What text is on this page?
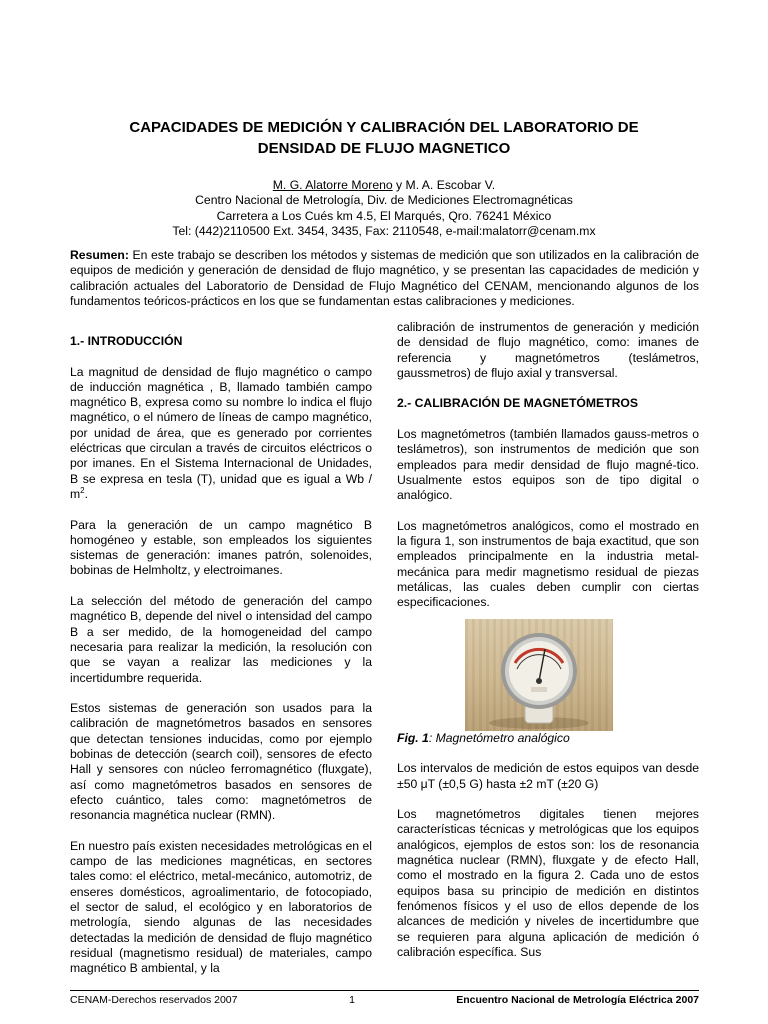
CAPACIDADES DE MEDICIÓN Y CALIBRACIÓN DEL LABORATORIO DE
DENSIDAD DE FLUJO MAGNETICO
M. G. Alatorre Moreno y M. A. Escobar V.
Centro Nacional de Metrología, Div. de Mediciones Electromagnéticas
Carretera a Los Cués km 4.5, El Marqués, Qro. 76241 México
Tel: (442)2110500 Ext. 3454, 3435, Fax: 2110548, e-mail:malatorr@cenam.mx
Resumen: En este trabajo se describen los métodos y sistemas de medición que son utilizados en la calibración de equipos de medición y generación de densidad de flujo magnético, y se presentan las capacidades de medición y calibración actuales del Laboratorio de Densidad de Flujo Magnético del CENAM, mencionando algunos de los fundamentos teóricos-prácticos en los que se fundamentan estas calibraciones y mediciones.
1.- INTRODUCCIÓN

La magnitud de densidad de flujo magnético o campo de inducción magnética , B, llamado también campo magnético B, expresa como su nombre lo indica el flujo magnético, o el número de líneas de campo magnético, por unidad de área, que es generado por corrientes eléctricas que circulan a través de circuitos eléctricos o por imanes. En el Sistema Internacional de Unidades, B se expresa en tesla (T), unidad que es igual a Wb / $m^2$.

Para la generación de un campo magnético B homogéneo y estable, son empleados los siguientes sistemas de generación: imanes patrón, solenoides, bobinas de Helmholtz, y electroimanes.

La selección del método de generación del campo magnético B, depende del nivel o intensidad del campo B a ser medido, de la homogeneidad del campo necesaria para realizar la medición, la resolución con que se vayan a realizar las mediciones y la incertidumbre requerida.

Estos sistemas de generación son usados para la calibración de magnetómetros basados en sensores que detectan tensiones inducidas, como por ejemplo bobinas de detección (search coil), sensores de efecto Hall y sensores con núcleo ferromagnético (fluxgate), así como magnetómetros basados en sensores de efecto cuántico, tales como: magnetómetros de resonancia magnética nuclear (RMN).

En nuestro país existen necesidades metrológicas en el campo de las mediciones magnéticas, en sectores tales como: el eléctrico, metal-mecánico, automotriz, de enseres domésticos, agroalimentario, de fotocopiado, el sector de salud, el ecológico y en laboratorios de metrología, siendo algunas de las necesidades detectadas la medición de densidad de flujo magnético residual (magnetismo residual) de materiales, campo magnético B ambiental, y la

calibración de instrumentos de generación y medición de densidad de flujo magnético, como: imanes de referencia y magnetómetros (teslámetros, gaussmetros) de flujo axial y transversal.

2.- CALIBRACIÓN DE MAGNETÓMETROS

Los magnetómetros (también llamados gauss-metros o teslámetros), son instrumentos de medición que son empleados para medir densidad de flujo magné-tico. Usualmente estos equipos son de tipo digital o analógico.

Los magnetómetros analógicos, como el mostrado en la figura 1, son instrumentos de baja exactitud, que son empleados principalmente en la industria metal-mecánica para medir magnetismo residual de piezas metálicas, las cuales deben cumplir con ciertas especificaciones.

Fig. 1: Magnetómetro analógico

Los intervalos de medición de estos equipos van desde ±50 μT (±0,5 G) hasta ±2 mT (±20 G)

Los magnetómetros digitales tienen mejores características técnicas y metrológicas que los equipos analógicos, ejemplos de estos son: los de resonancia magnética nuclear (RMN), fluxgate y de efecto Hall, como el mostrado en la figura 2. Cada uno de estos equipos basa su principio de medición en distintos fenómenos físicos y el uso de ellos depende de los alcances de medición y niveles de incertidumbre que se requieren para alguna aplicación de medición ó calibración específica. Sus

CENAM-Derechos reservados 2007	1	Encuentro Nacional de Metrología Eléctrica 2007
